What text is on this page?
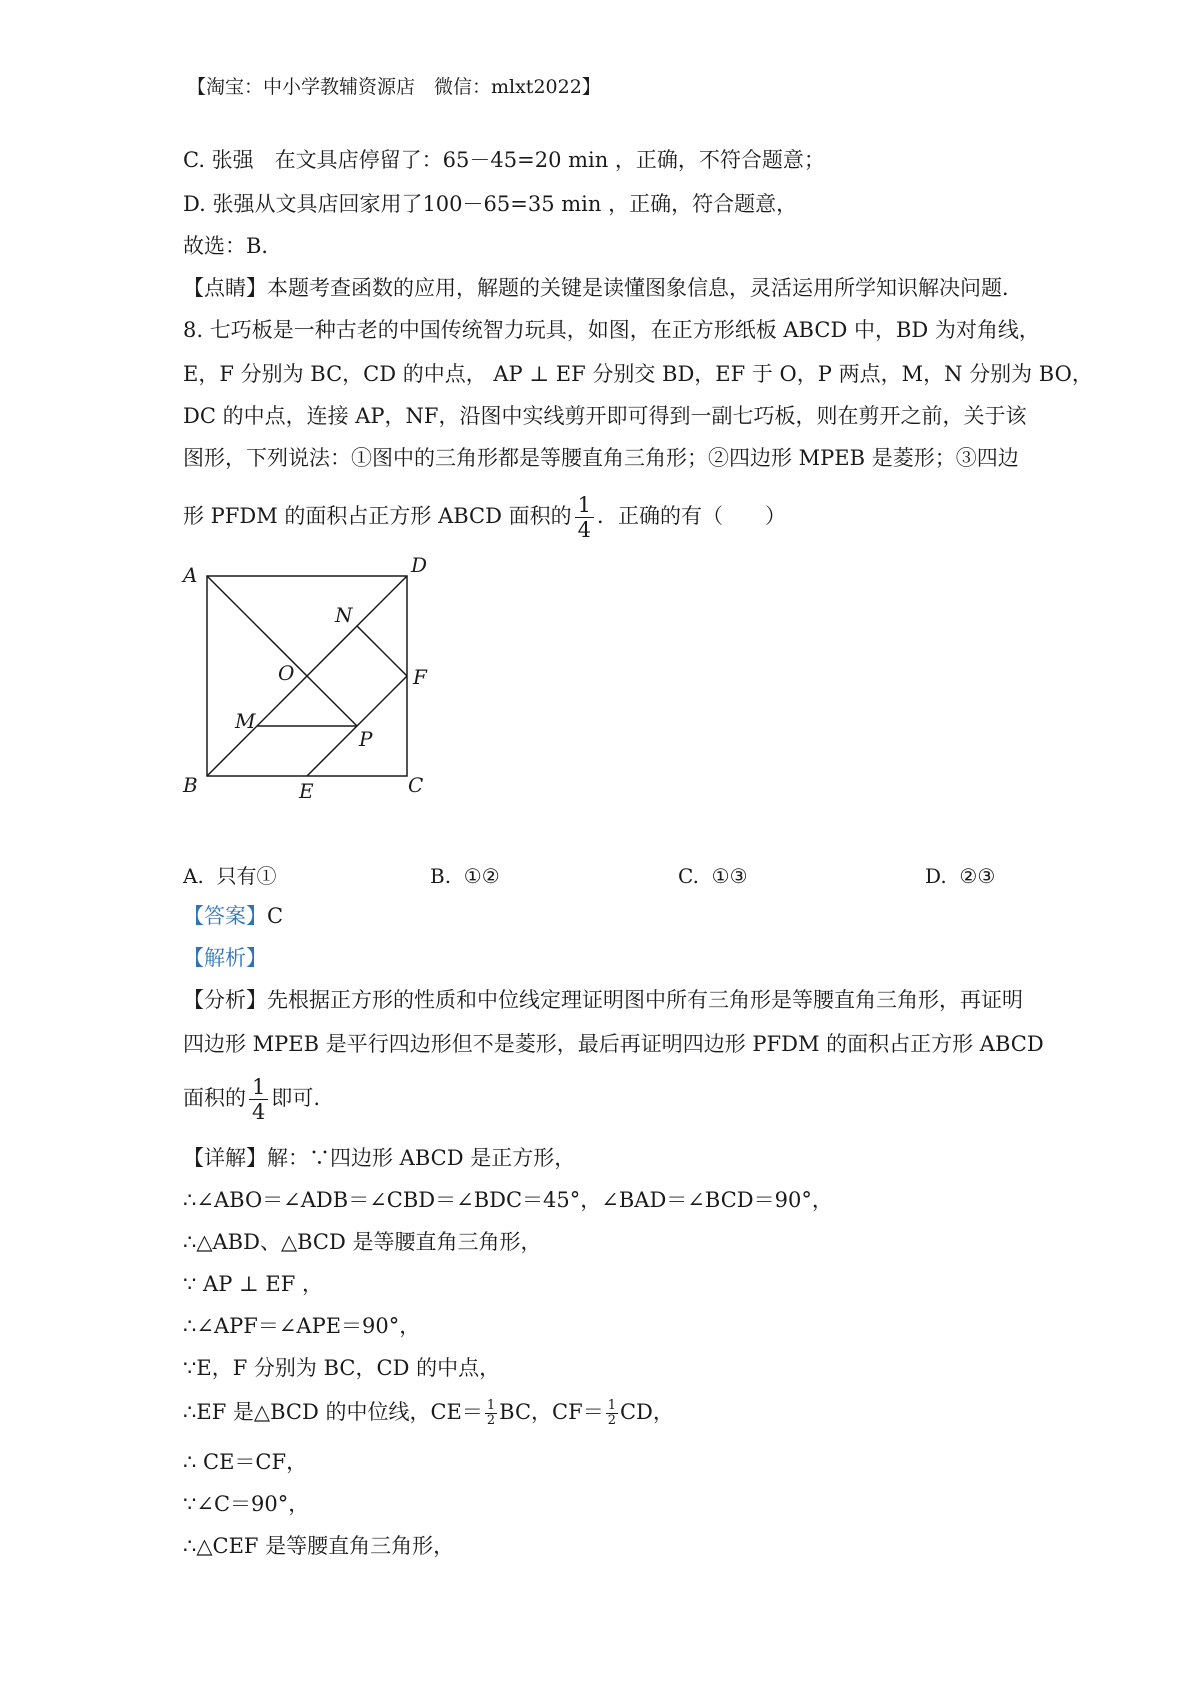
【淘宝：中小学教辅资源店　微信：mlxt2022】
C. 张强　在文具店停留了：65－45=20 min ，正确，不符合题意；
D. 张强从文具店回家用了100－65=35 min ，正确，符合题意，
故选：B．
【点睛】本题考查函数的应用，解题的关键是读懂图象信息，灵活运用所学知识解决问题．
8. 七巧板是一种古老的中国传统智力玩具，如图，在正方形纸板 ABCD 中，BD 为对角线，
E，F 分别为 BC，CD 的中点， AP ⊥ EF 分别交 BD，EF 于 O，P 两点，M，N 分别为 BO，
DC 的中点，连接 AP，NF，沿图中实线剪开即可得到一副七巧板，则在剪开之前，关于该
图形，下列说法：①图中的三角形都是等腰直角三角形；②四边形 MPEB 是菱形；③四边
形 PFDM 的面积占正方形 ABCD 面积的 $\frac{1}{4}$ ．正确的有（　　）
A	D
B	C
E
F
N
O
M
P
A. 只有①	B. ①②	C. ①③	D. ②③
【答案】C
【解析】
【分析】先根据正方形的性质和中位线定理证明图中所有三角形是等腰直角三角形，再证明
四边形 MPEB 是平行四边形但不是菱形，最后再证明四边形 PFDM 的面积占正方形 ABCD
面积的 $\frac{1}{4}$ 即可.
【详解】解：∵四边形 ABCD 是正方形，
∴∠ABO＝∠ADB＝∠CBD＝∠BDC＝45°，∠BAD＝∠BCD＝90°，
∴△ABD、△BCD 是等腰直角三角形，
∵ AP ⊥ EF ，
∴∠APF＝∠APE＝90°，
∵E，F 分别为 BC，CD 的中点，
∴EF 是△BCD 的中位线，$CE= \frac{1}{2}$ BC，$CF= \frac{1}{2}$ CD，
∴ CE＝CF，
∵∠C＝90°，
∴△CEF 是等腰直角三角形，
